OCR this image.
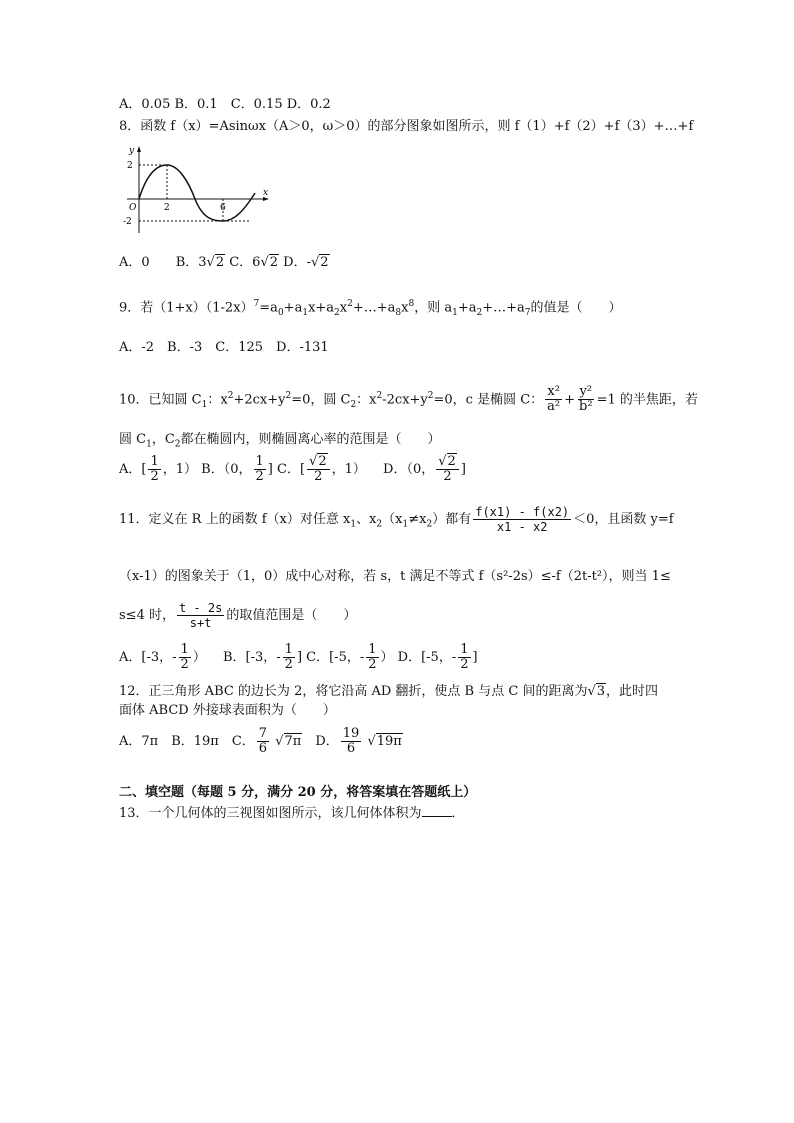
A．0.05 B．0.1　C．0.15 D．0.2
8．函数 f（x）=Asinωx（A＞0，ω＞0）的部分图象如图所示，则 f（1）+f（2）+f（3）+…+f
y
x
2
-2
O	2	6
A．0　　 B．3√2 C．6√2 D．-√2
9．若$(1+x)(1-2x)^7=a_0+a_1x+a_2x^2+\dots+a_8x^8$，则 $a_1+a_2+\dots+a_7$的值是（　　）
A．-2　B．-3　C．125　D．-131
10．已知圆 $C_1$：$x^2+2cx+y^2=0$，圆 $C_2$：$x^2-2cx+y^2=0$，c 是椭圆 C： $\frac{\text{x²}}{\text{a²}} + \frac{\text{y²}}{\text{b²}} =1$ 的半焦距，若
圆 $C_1$，$C_2$都在椭圆内，则椭圆离心率的范围是（　　）
A．[ $\frac{1}{2}$ ，1） B．（0， $\frac{1}{2}$ ] C．[ $\frac{√2}{2}$ ，1） 　 D．（0， $\frac{√2}{2}$ ]
11．定义在 R 上的函数 f（x）对任意 $x_1$、$x_2(x_1\ne x_2)$都有 $\frac{f(x1) - f(x2)}{x1 - x2} <0$，且函数 y=f
（x-1）的图象关于（1，0）成中心对称，若 s，t 满足不等式 f（s²-2s）≤-f（2t-t²），则当 1≤
s≤4 时， $\frac{t - 2s}{s+t}$ 的取值范围是（　　）
A．[-3，- $\frac{1}{2}$ ） 　 B．[-3，- $\frac{1}{2}$ ] C．[-5，- $\frac{1}{2}$ ） D．[-5，- $\frac{1}{2}$ ]
12．正三角形 ABC 的边长为 2，将它沿高 AD 翻折，使点 B 与点 C 间的距离为√3，此时四
面体 ABCD 外接球表面积为（　　）
A．7π　B．19π　C． $\frac{7}{6} √7\pi$　 D． $\frac{19}{6} √19\pi$
二、填空题（每题 5 分，满分 20 分，将答案填在答题纸上）
13．一个几何体的三视图如图所示，该几何体体积为 ．
